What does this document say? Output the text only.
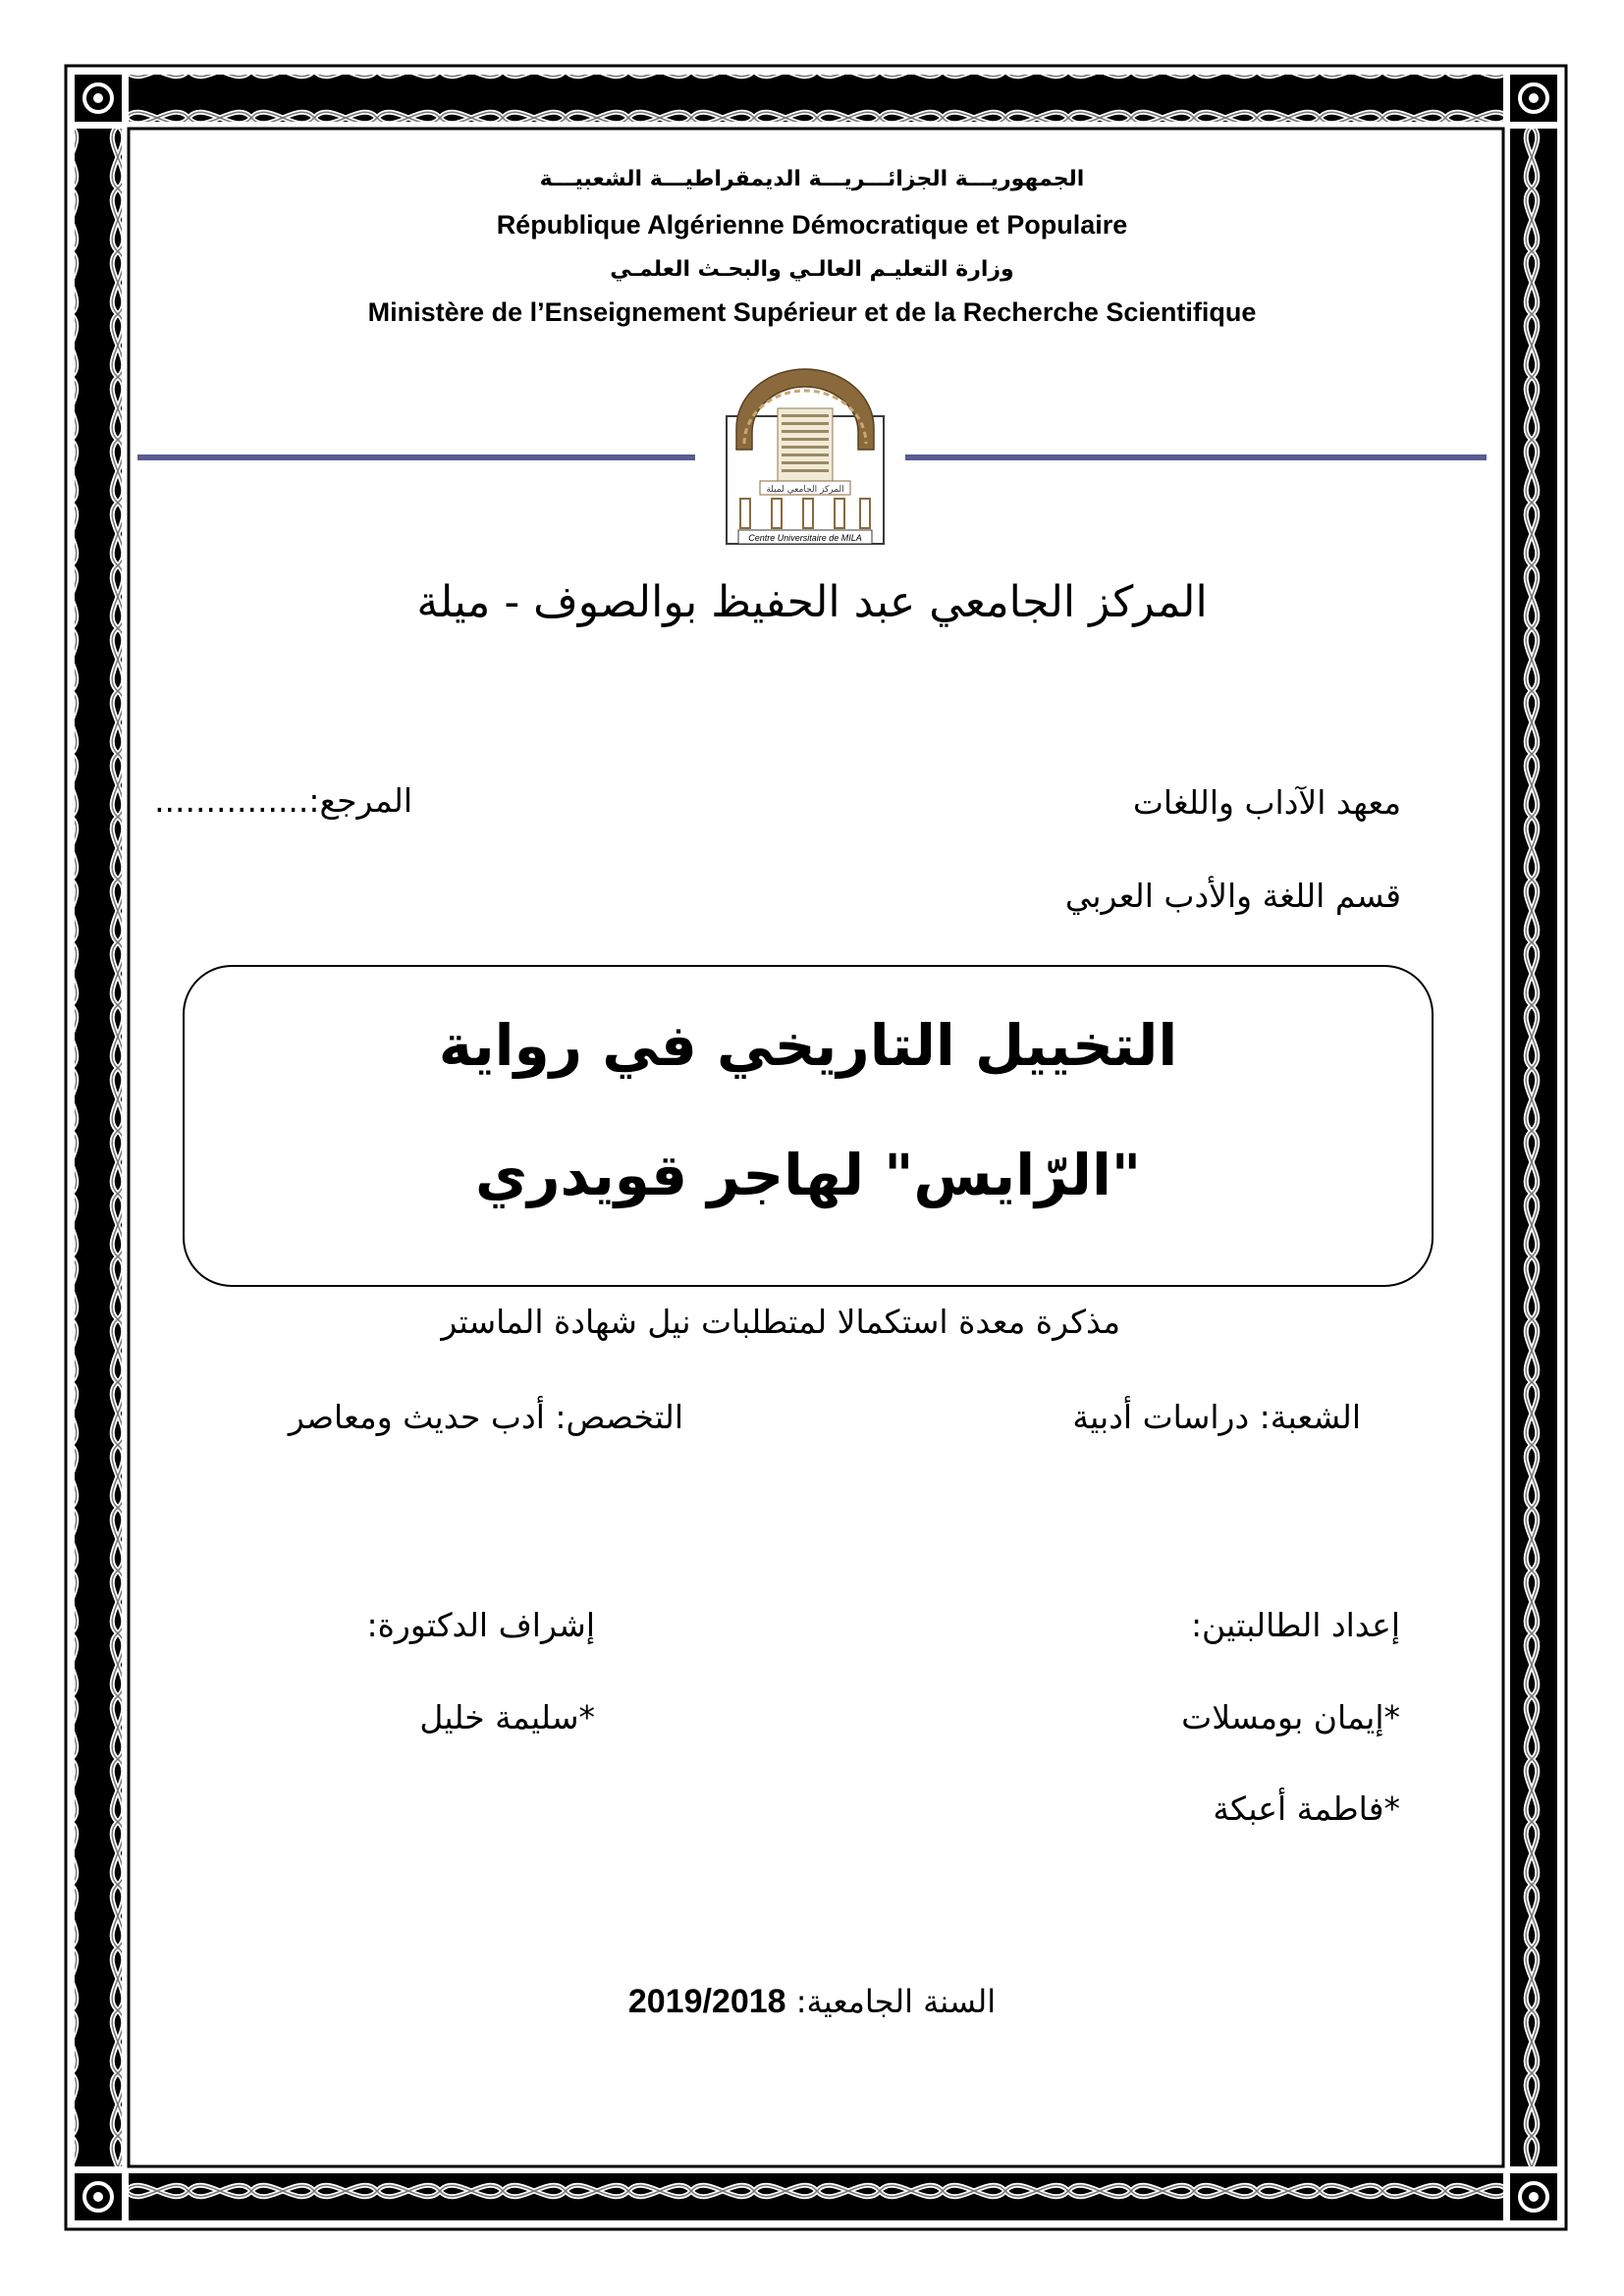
الجمهوريـــة الجزائـــريـــة الديمقراطيـــة الشعبيـــة
République Algérienne Démocratique et Populaire
وزارة التعليـم العالـي والبحـث العلمـي
Ministère de l’Enseignement Supérieur et de la Recherche Scientifique
المركز الجامعي لميلة
Centre Universitaire de MILA
المركز الجامعي عبد الحفيظ بوالصوف - ميلة
معهد الآداب واللغات
المرجع:...............
قسم اللغة والأدب العربي
التخييل التاريخي في رواية
"الرّايس" لهاجر قويدري
مذكرة معدة استكمالا لمتطلبات نيل شهادة الماستر
الشعبة: دراسات أدبية
التخصص: أدب حديث ومعاصر
إعداد الطالبتين:
إشراف الدكتورة:
*إيمان بومسلات
*سليمة خليل
*فاطمة أعبكة
السنة الجامعية: 2019/2018
